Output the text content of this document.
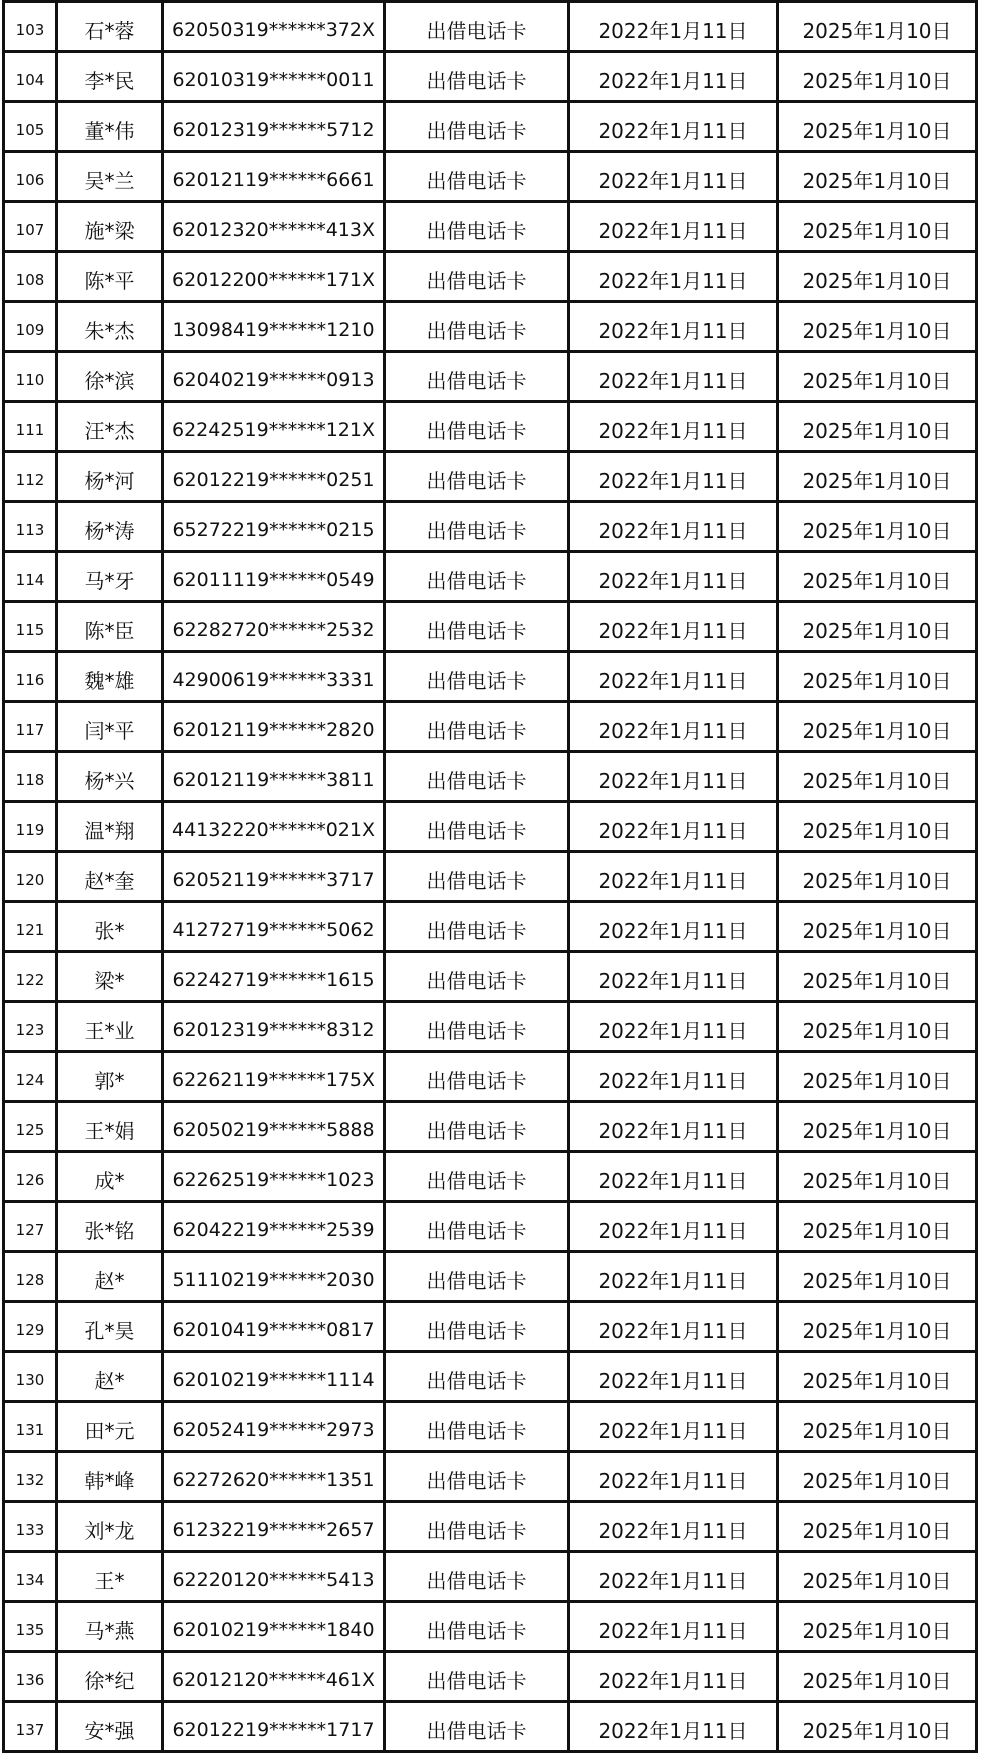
103	石*蓉	62050319******372X	出借电话卡	2022年1月11日	2025年1月10日
104	李*民	62010319******0011	出借电话卡	2022年1月11日	2025年1月10日
105	董*伟	62012319******5712	出借电话卡	2022年1月11日	2025年1月10日
106	吴*兰	62012119******6661	出借电话卡	2022年1月11日	2025年1月10日
107	施*梁	62012320******413X	出借电话卡	2022年1月11日	2025年1月10日
108	陈*平	62012200******171X	出借电话卡	2022年1月11日	2025年1月10日
109	朱*杰	13098419******1210	出借电话卡	2022年1月11日	2025年1月10日
110	徐*滨	62040219******0913	出借电话卡	2022年1月11日	2025年1月10日
111	汪*杰	62242519******121X	出借电话卡	2022年1月11日	2025年1月10日
112	杨*河	62012219******0251	出借电话卡	2022年1月11日	2025年1月10日
113	杨*涛	65272219******0215	出借电话卡	2022年1月11日	2025年1月10日
114	马*牙	62011119******0549	出借电话卡	2022年1月11日	2025年1月10日
115	陈*臣	62282720******2532	出借电话卡	2022年1月11日	2025年1月10日
116	魏*雄	42900619******3331	出借电话卡	2022年1月11日	2025年1月10日
117	闫*平	62012119******2820	出借电话卡	2022年1月11日	2025年1月10日
118	杨*兴	62012119******3811	出借电话卡	2022年1月11日	2025年1月10日
119	温*翔	44132220******021X	出借电话卡	2022年1月11日	2025年1月10日
120	赵*奎	62052119******3717	出借电话卡	2022年1月11日	2025年1月10日
121	张*	41272719******5062	出借电话卡	2022年1月11日	2025年1月10日
122	梁*	62242719******1615	出借电话卡	2022年1月11日	2025年1月10日
123	王*业	62012319******8312	出借电话卡	2022年1月11日	2025年1月10日
124	郭*	62262119******175X	出借电话卡	2022年1月11日	2025年1月10日
125	王*娟	62050219******5888	出借电话卡	2022年1月11日	2025年1月10日
126	成*	62262519******1023	出借电话卡	2022年1月11日	2025年1月10日
127	张*铭	62042219******2539	出借电话卡	2022年1月11日	2025年1月10日
128	赵*	51110219******2030	出借电话卡	2022年1月11日	2025年1月10日
129	孔*昊	62010419******0817	出借电话卡	2022年1月11日	2025年1月10日
130	赵*	62010219******1114	出借电话卡	2022年1月11日	2025年1月10日
131	田*元	62052419******2973	出借电话卡	2022年1月11日	2025年1月10日
132	韩*峰	62272620******1351	出借电话卡	2022年1月11日	2025年1月10日
133	刘*龙	61232219******2657	出借电话卡	2022年1月11日	2025年1月10日
134	王*	62220120******5413	出借电话卡	2022年1月11日	2025年1月10日
135	马*燕	62010219******1840	出借电话卡	2022年1月11日	2025年1月10日
136	徐*纪	62012120******461X	出借电话卡	2022年1月11日	2025年1月10日
137	安*强	62012219******1717	出借电话卡	2022年1月11日	2025年1月10日
